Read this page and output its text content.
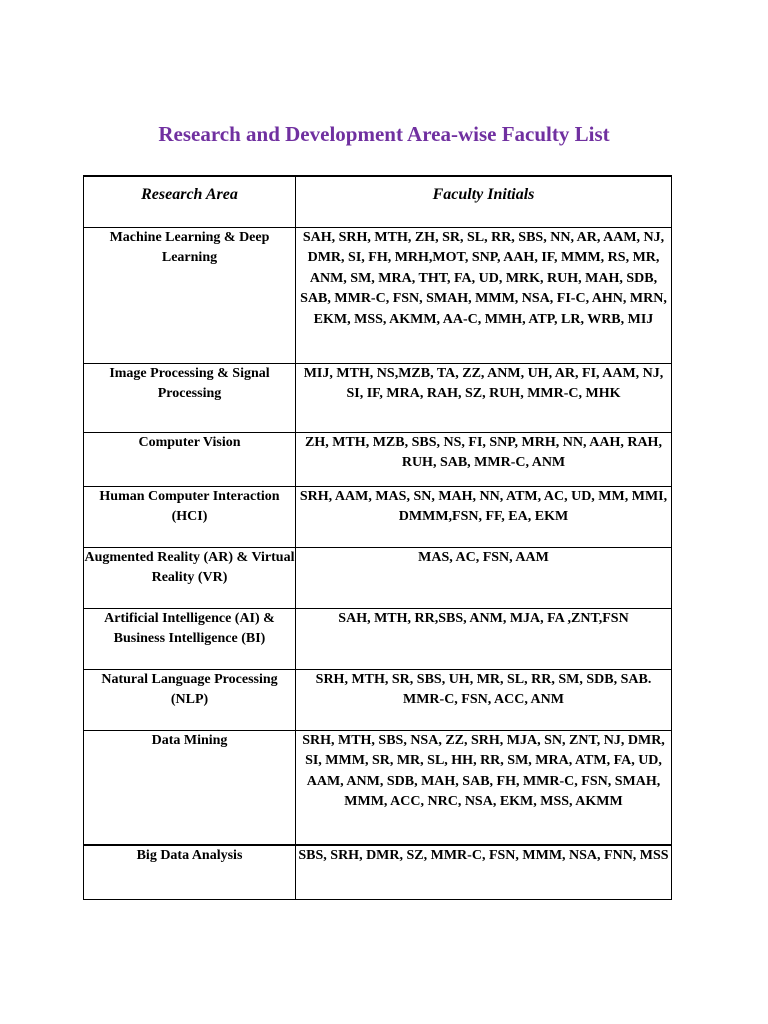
Research and Development Area-wise Faculty List
Research Area	Faculty Initials
Machine Learning & Deep Learning	SAH, SRH, MTH, ZH, SR, SL, RR, SBS, NN, AR, AAM, NJ, DMR, SI, FH, MRH,MOT, SNP, AAH, IF, MMM, RS, MR, ANM, SM, MRA, THT, FA, UD, MRK, RUH, MAH, SDB, SAB, MMR-C, FSN, SMAH, MMM, NSA, FI-C, AHN, MRN, EKM, MSS, AKMM, AA-C, MMH, ATP, LR, WRB, MIJ
Image Processing & Signal Processing	MIJ, MTH, NS,MZB, TA, ZZ, ANM, UH, AR, FI, AAM, NJ, SI, IF, MRA, RAH, SZ, RUH, MMR-C, MHK
Computer Vision	ZH, MTH, MZB, SBS, NS, FI, SNP, MRH, NN, AAH, RAH, RUH, SAB, MMR-C, ANM
Human Computer Interaction (HCI)	SRH, AAM, MAS, SN, MAH, NN, ATM, AC, UD, MM, MMI, DMMM,FSN, FF, EA, EKM
Augmented Reality (AR) & Virtual Reality (VR)	MAS, AC, FSN, AAM
Artificial Intelligence (AI) & Business Intelligence (BI)	SAH, MTH, RR,SBS, ANM, MJA, FA ,ZNT,FSN
Natural Language Processing (NLP)	SRH, MTH, SR, SBS, UH, MR, SL, RR, SM, SDB, SAB. MMR-C, FSN, ACC, ANM
Data Mining	SRH, MTH, SBS, NSA, ZZ, SRH, MJA, SN, ZNT, NJ, DMR, SI, MMM, SR, MR, SL, HH, RR, SM, MRA, ATM, FA, UD, AAM, ANM, SDB, MAH, SAB, FH, MMR-C, FSN, SMAH, MMM, ACC, NRC, NSA, EKM, MSS, AKMM
Big Data Analysis	SBS, SRH, DMR, SZ, MMR-C, FSN, MMM, NSA, FNN, MSS
